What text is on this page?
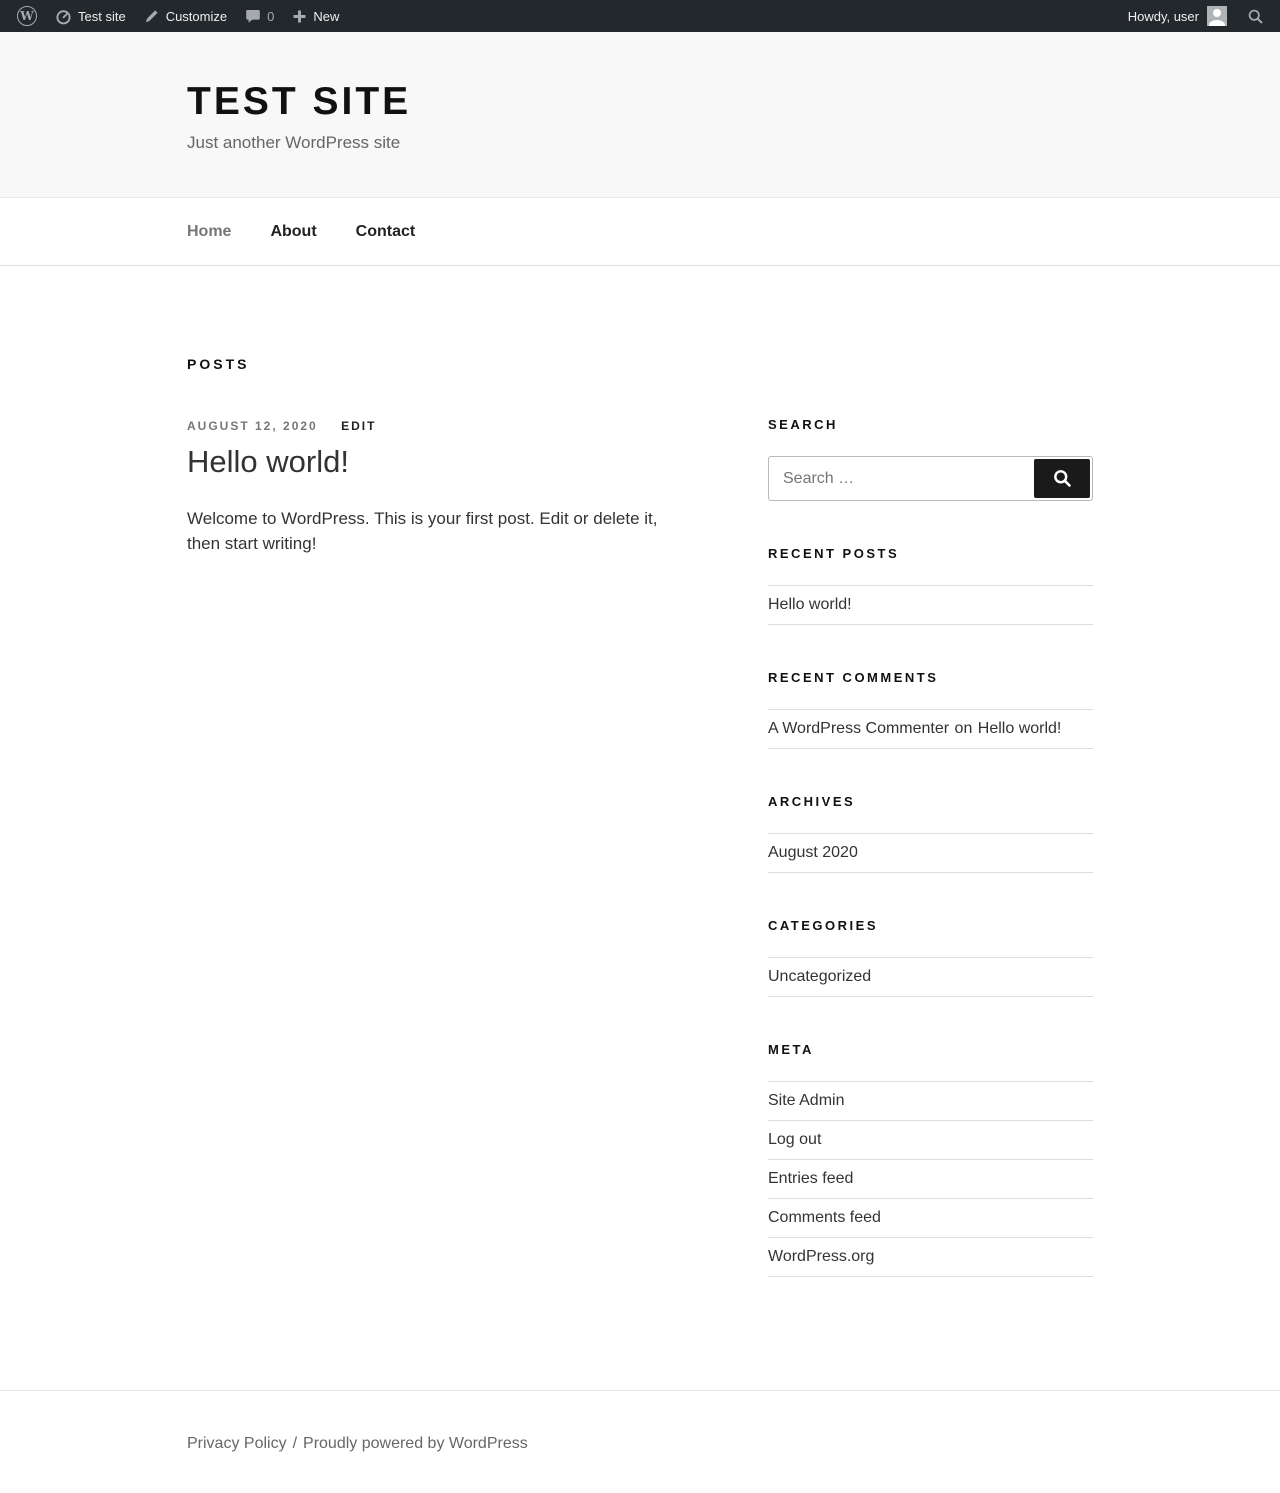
W	Test site	Customize	0	New	Howdy, user
TEST SITE
Just another WordPress site
Home About Contact
POSTS
AUGUST 12, 2020 EDIT
Hello world!

Welcome to WordPress. This is your first post. Edit or delete it, then start writing!

SEARCH
Search …
RECENT POSTS
Hello world!
RECENT COMMENTS
A WordPress Commenter on Hello world!
ARCHIVES
August 2020
CATEGORIES
Uncategorized
META
Site Admin
Log out
Entries feed
Comments feed
WordPress.org
Privacy Policy / Proudly powered by WordPress
